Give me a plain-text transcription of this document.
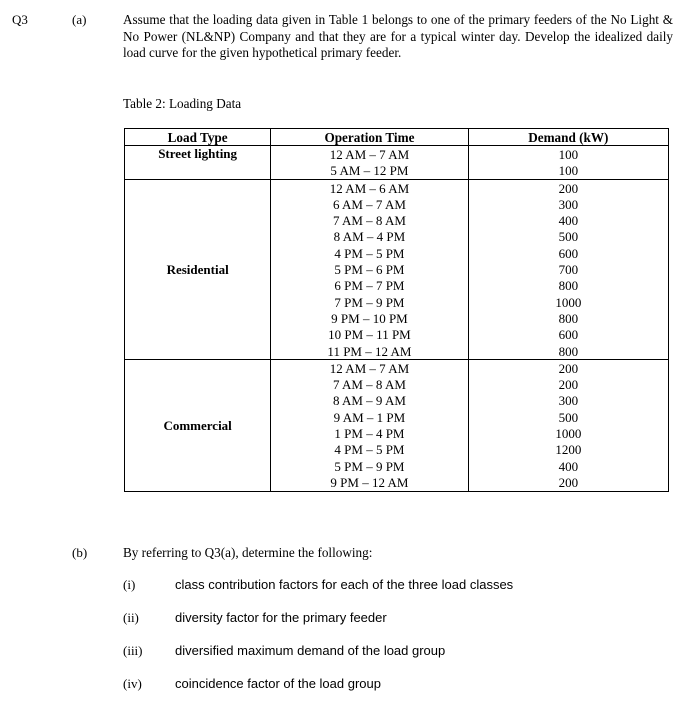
Q3	(a)	Assume that the loading data given in Table 1 belongs to one of the primary feeders of the No Light & No Power (NL&NP) Company and that they are for a typical winter day. Develop the idealized daily load curve for the given hypothetical primary feeder.
Table 2: Loading Data
Load Type	Operation Time	Demand (kW)
Street lighting	12 AM – 7 AM	100
	5 AM – 12 PM	100
Residential	12 AM – 6 AM	200
	6 AM – 7 AM	300
	7 AM – 8 AM	400
	8 AM – 4 PM	500
	4 PM – 5 PM	600
	5 PM – 6 PM	700
	6 PM – 7 PM	800
	7 PM – 9 PM	1000
	9 PM – 10 PM	800
	10 PM – 11 PM	600
	11 PM – 12 AM	800
Commercial	12 AM – 7 AM	200
	7 AM – 8 AM	200
	8 AM – 9 AM	300
	9 AM – 1 PM	500
	1 PM – 4 PM	1000
	4 PM – 5 PM	1200
	5 PM – 9 PM	400
	9 PM – 12 AM	200
(b)	By referring to Q3(a), determine the following:
(i)	class contribution factors for each of the three load classes
(ii)	diversity factor for the primary feeder
(iii)	diversified maximum demand of the load group
(iv)	coincidence factor of the load group
